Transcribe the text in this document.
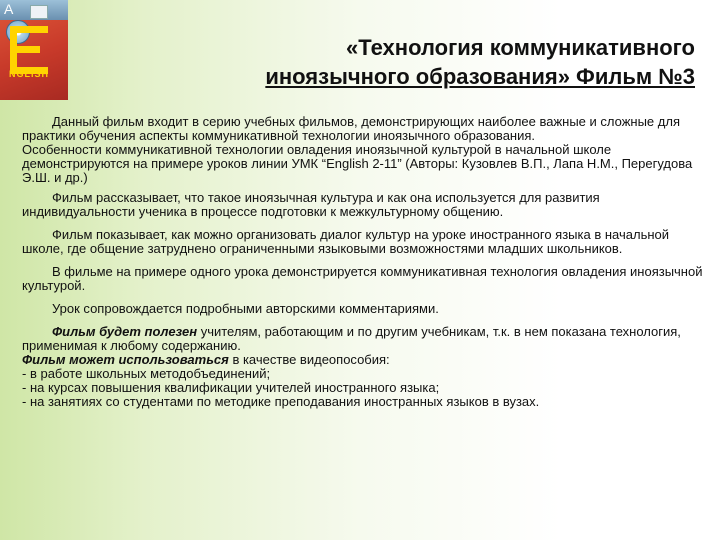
A
NGLISH
«Технология коммуникативного
иноязычного образования» Фильм №3

Данный фильм входит в серию учебных фильмов, демонстрирующих наиболее важные и сложные для практики обучения аспекты коммуникативной технологии иноязычного образования.

Особенности коммуникативной технологии овладения иноязычной культурой в начальной школе демонстрируются на примере уроков линии УМК “English 2-11” (Авторы: Кузовлев В.П., Лапа Н.М., Перегудова Э.Ш. и др.)

Фильм рассказывает, что такое иноязычная культура и как она используется для развития индивидуальности ученика в процессе подготовки к межкультурному общению.

Фильм показывает, как можно организовать диалог культур на уроке иностранного языка в начальной школе, где общение затруднено ограниченными языковыми возможностями младших школьников.

В фильме на примере одного урока демонстрируется коммуникативная технология овладения иноязычной культурой.

Урок сопровождается подробными авторскими комментариями.

Фильм будет полезен учителям, работающим и по другим учебникам, т.к. в нем показана технология, применимая к любому содержанию.

Фильм может использоваться в качестве видеопособия:

- в работе школьных методобъединений;

- на курсах повышения квалификации учителей иностранного языка;

- на занятиях со студентами по методике преподавания иностранных языков в вузах.
